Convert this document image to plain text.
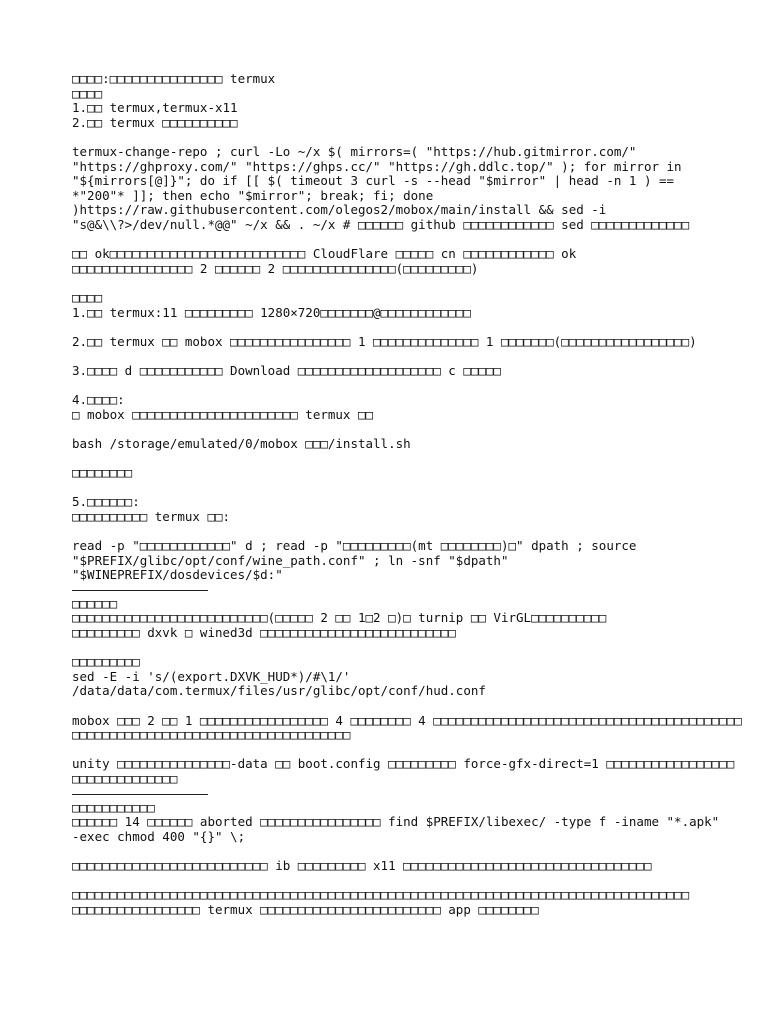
□□□□:□□□□□□□□□□□□□□□ termux
□□□□
1.□□ termux,termux-x11
2.□□ termux □□□□□□□□□□
termux-change-repo ; curl -Lo ~/x $( mirrors=( "https://hub.gitmirror.com/"
"https://ghproxy.com/" "https://ghps.cc/" "https://gh.ddlc.top/" ); for mirror in
"${mirrors[@]}"; do if [[ $( timeout 3 curl -s --head "$mirror" | head -n 1 ) ==
*"200"* ]]; then echo "$mirror"; break; fi; done
)https://raw.githubusercontent.com/olegos2/mobox/main/install && sed -i
"s@&\\?>/dev/null.*@@" ~/x && . ~/x # □□□□□□ github □□□□□□□□□□□□ sed □□□□□□□□□□□□□
□□ ok□□□□□□□□□□□□□□□□□□□□□□□□□□ CloudFlare □□□□□ cn □□□□□□□□□□□□ ok
□□□□□□□□□□□□□□□□ 2 □□□□□□ 2 □□□□□□□□□□□□□□□(□□□□□□□□□)
□□□□
1.□□ termux:11 □□□□□□□□□ 1280×720□□□□□□□@□□□□□□□□□□□□
2.□□ termux □□ mobox □□□□□□□□□□□□□□□□ 1 □□□□□□□□□□□□□□ 1 □□□□□□□(□□□□□□□□□□□□□□□□□)
3.□□□□ d □□□□□□□□□□□ Download □□□□□□□□□□□□□□□□□□□ c □□□□□
4.□□□□:
□ mobox □□□□□□□□□□□□□□□□□□□□□□ termux □□
bash /storage/emulated/0/mobox □□□/install.sh
□□□□□□□□
5.□□□□□□:
□□□□□□□□□□ termux □□:
read -p "□□□□□□□□□□□□" d ; read -p "□□□□□□□□□(mt □□□□□□□□)□" dpath ; source
"$PREFIX/glibc/opt/conf/wine_path.conf" ; ln -snf "$dpath"
"$WINEPREFIX/dosdevices/$d:"
□□□□□□
□□□□□□□□□□□□□□□□□□□□□□□□□□(□□□□□ 2 □□ 1□2 □)□ turnip □□ VirGL□□□□□□□□□□
□□□□□□□□□ dxvk □ wined3d □□□□□□□□□□□□□□□□□□□□□□□□□□
□□□□□□□□□
sed -E -i 's/(export.DXVK_HUD*)/#\1/'
/data/data/com.termux/files/usr/glibc/opt/conf/hud.conf
mobox □□□ 2 □□ 1 □□□□□□□□□□□□□□□□□ 4 □□□□□□□□ 4 □□□□□□□□□□□□□□□□□□□□□□□□□□□□□□□□□□□□□□□□□
□□□□□□□□□□□□□□□□□□□□□□□□□□□□□□□□□□□□□
unity □□□□□□□□□□□□□□□-data □□ boot.config □□□□□□□□□ force-gfx-direct=1 □□□□□□□□□□□□□□□□□
□□□□□□□□□□□□□□
□□□□□□□□□□□
□□□□□□ 14 □□□□□□ aborted □□□□□□□□□□□□□□□□ find $PREFIX/libexec/ -type f -iname "*.apk"
-exec chmod 400 "{}" \;
□□□□□□□□□□□□□□□□□□□□□□□□□□ ib □□□□□□□□□ x11 □□□□□□□□□□□□□□□□□□□□□□□□□□□□□□□□□
□□□□□□□□□□□□□□□□□□□□□□□□□□□□□□□□□□□□□□□□□□□□□□□□□□□□□□□□□□□□□□□□□□□□□□□□□□□□□□□□□□
□□□□□□□□□□□□□□□□□ termux □□□□□□□□□□□□□□□□□□□□□□□□ app □□□□□□□□
